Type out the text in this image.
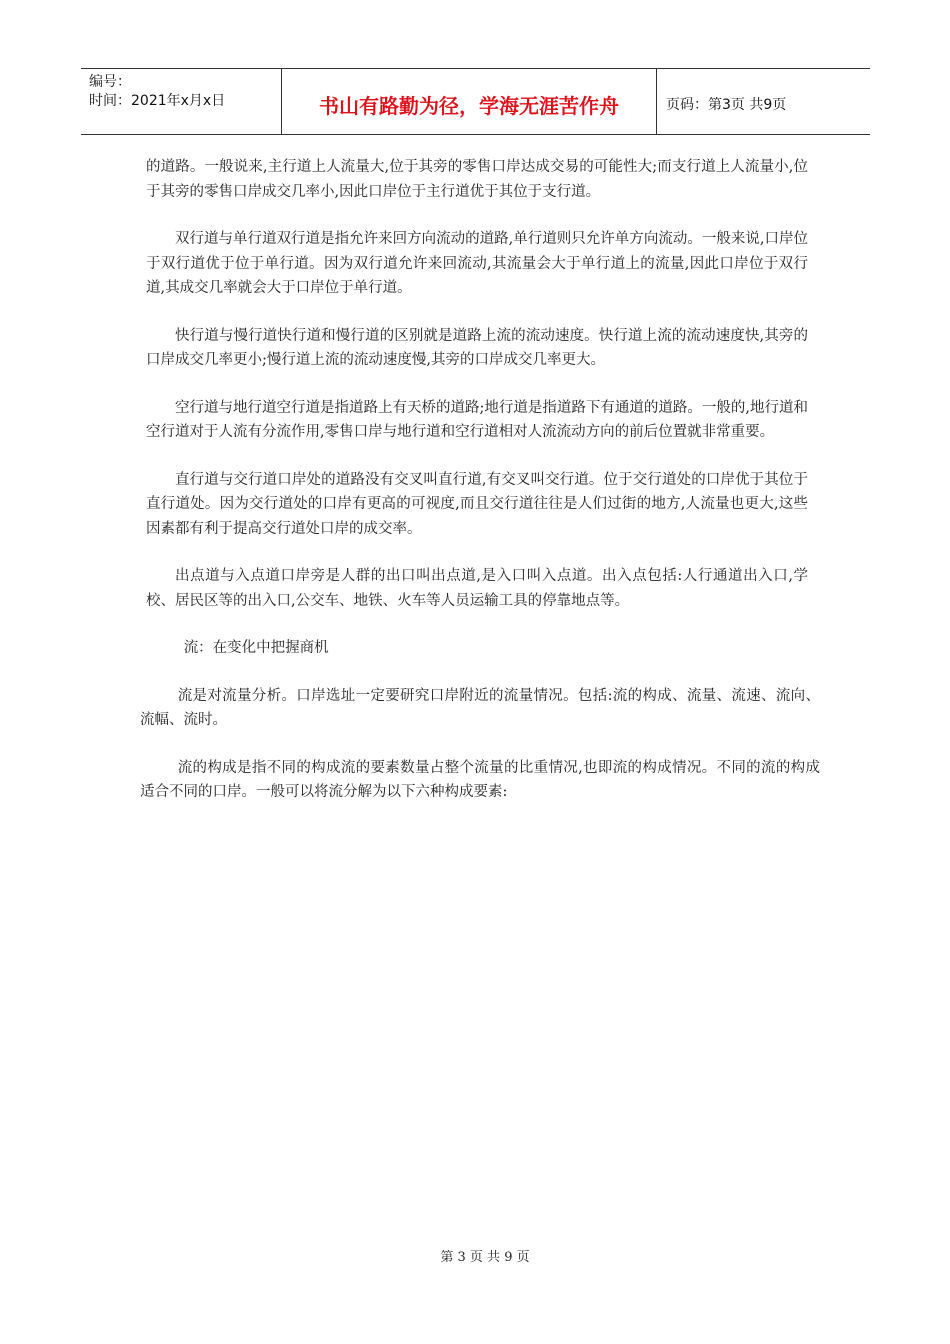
编号：
时间：2021年x月x日	书山有路勤为径，学海无涯苦作舟	页码：第3页 共9页

的道路。一般说来,主行道上人流量大,位于其旁的零售口岸达成交易的可能性大;而支行道上人流量小,位于其旁的零售口岸成交几率小,因此口岸位于主行道优于其位于支行道。

双行道与单行道双行道是指允许来回方向流动的道路,单行道则只允许单方向流动。一般来说,口岸位于双行道优于位于单行道。因为双行道允许来回流动,其流量会大于单行道上的流量,因此口岸位于双行道,其成交几率就会大于口岸位于单行道。

快行道与慢行道快行道和慢行道的区别就是道路上流的流动速度。快行道上流的流动速度快,其旁的口岸成交几率更小;慢行道上流的流动速度慢,其旁的口岸成交几率更大。

空行道与地行道空行道是指道路上有天桥的道路;地行道是指道路下有通道的道路。一般的,地行道和空行道对于人流有分流作用,零售口岸与地行道和空行道相对人流流动方向的前后位置就非常重要。

直行道与交行道口岸处的道路没有交叉叫直行道,有交叉叫交行道。位于交行道处的口岸优于其位于直行道处。因为交行道处的口岸有更高的可视度,而且交行道往往是人们过街的地方,人流量也更大,这些因素都有利于提高交行道处口岸的成交率。

出点道与入点道口岸旁是人群的出口叫出点道,是入口叫入点道。出入点包括:人行通道出入口,学校、居民区等的出入口,公交车、地铁、火车等人员运输工具的停靠地点等。

流：在变化中把握商机

流是对流量分析。口岸选址一定要研究口岸附近的流量情况。包括:流的构成、流量、流速、流向、流幅、流时。

流的构成是指不同的构成流的要素数量占整个流量的比重情况,也即流的构成情况。不同的流的构成适合不同的口岸。一般可以将流分解为以下六种构成要素:

第 3 页 共 9 页
